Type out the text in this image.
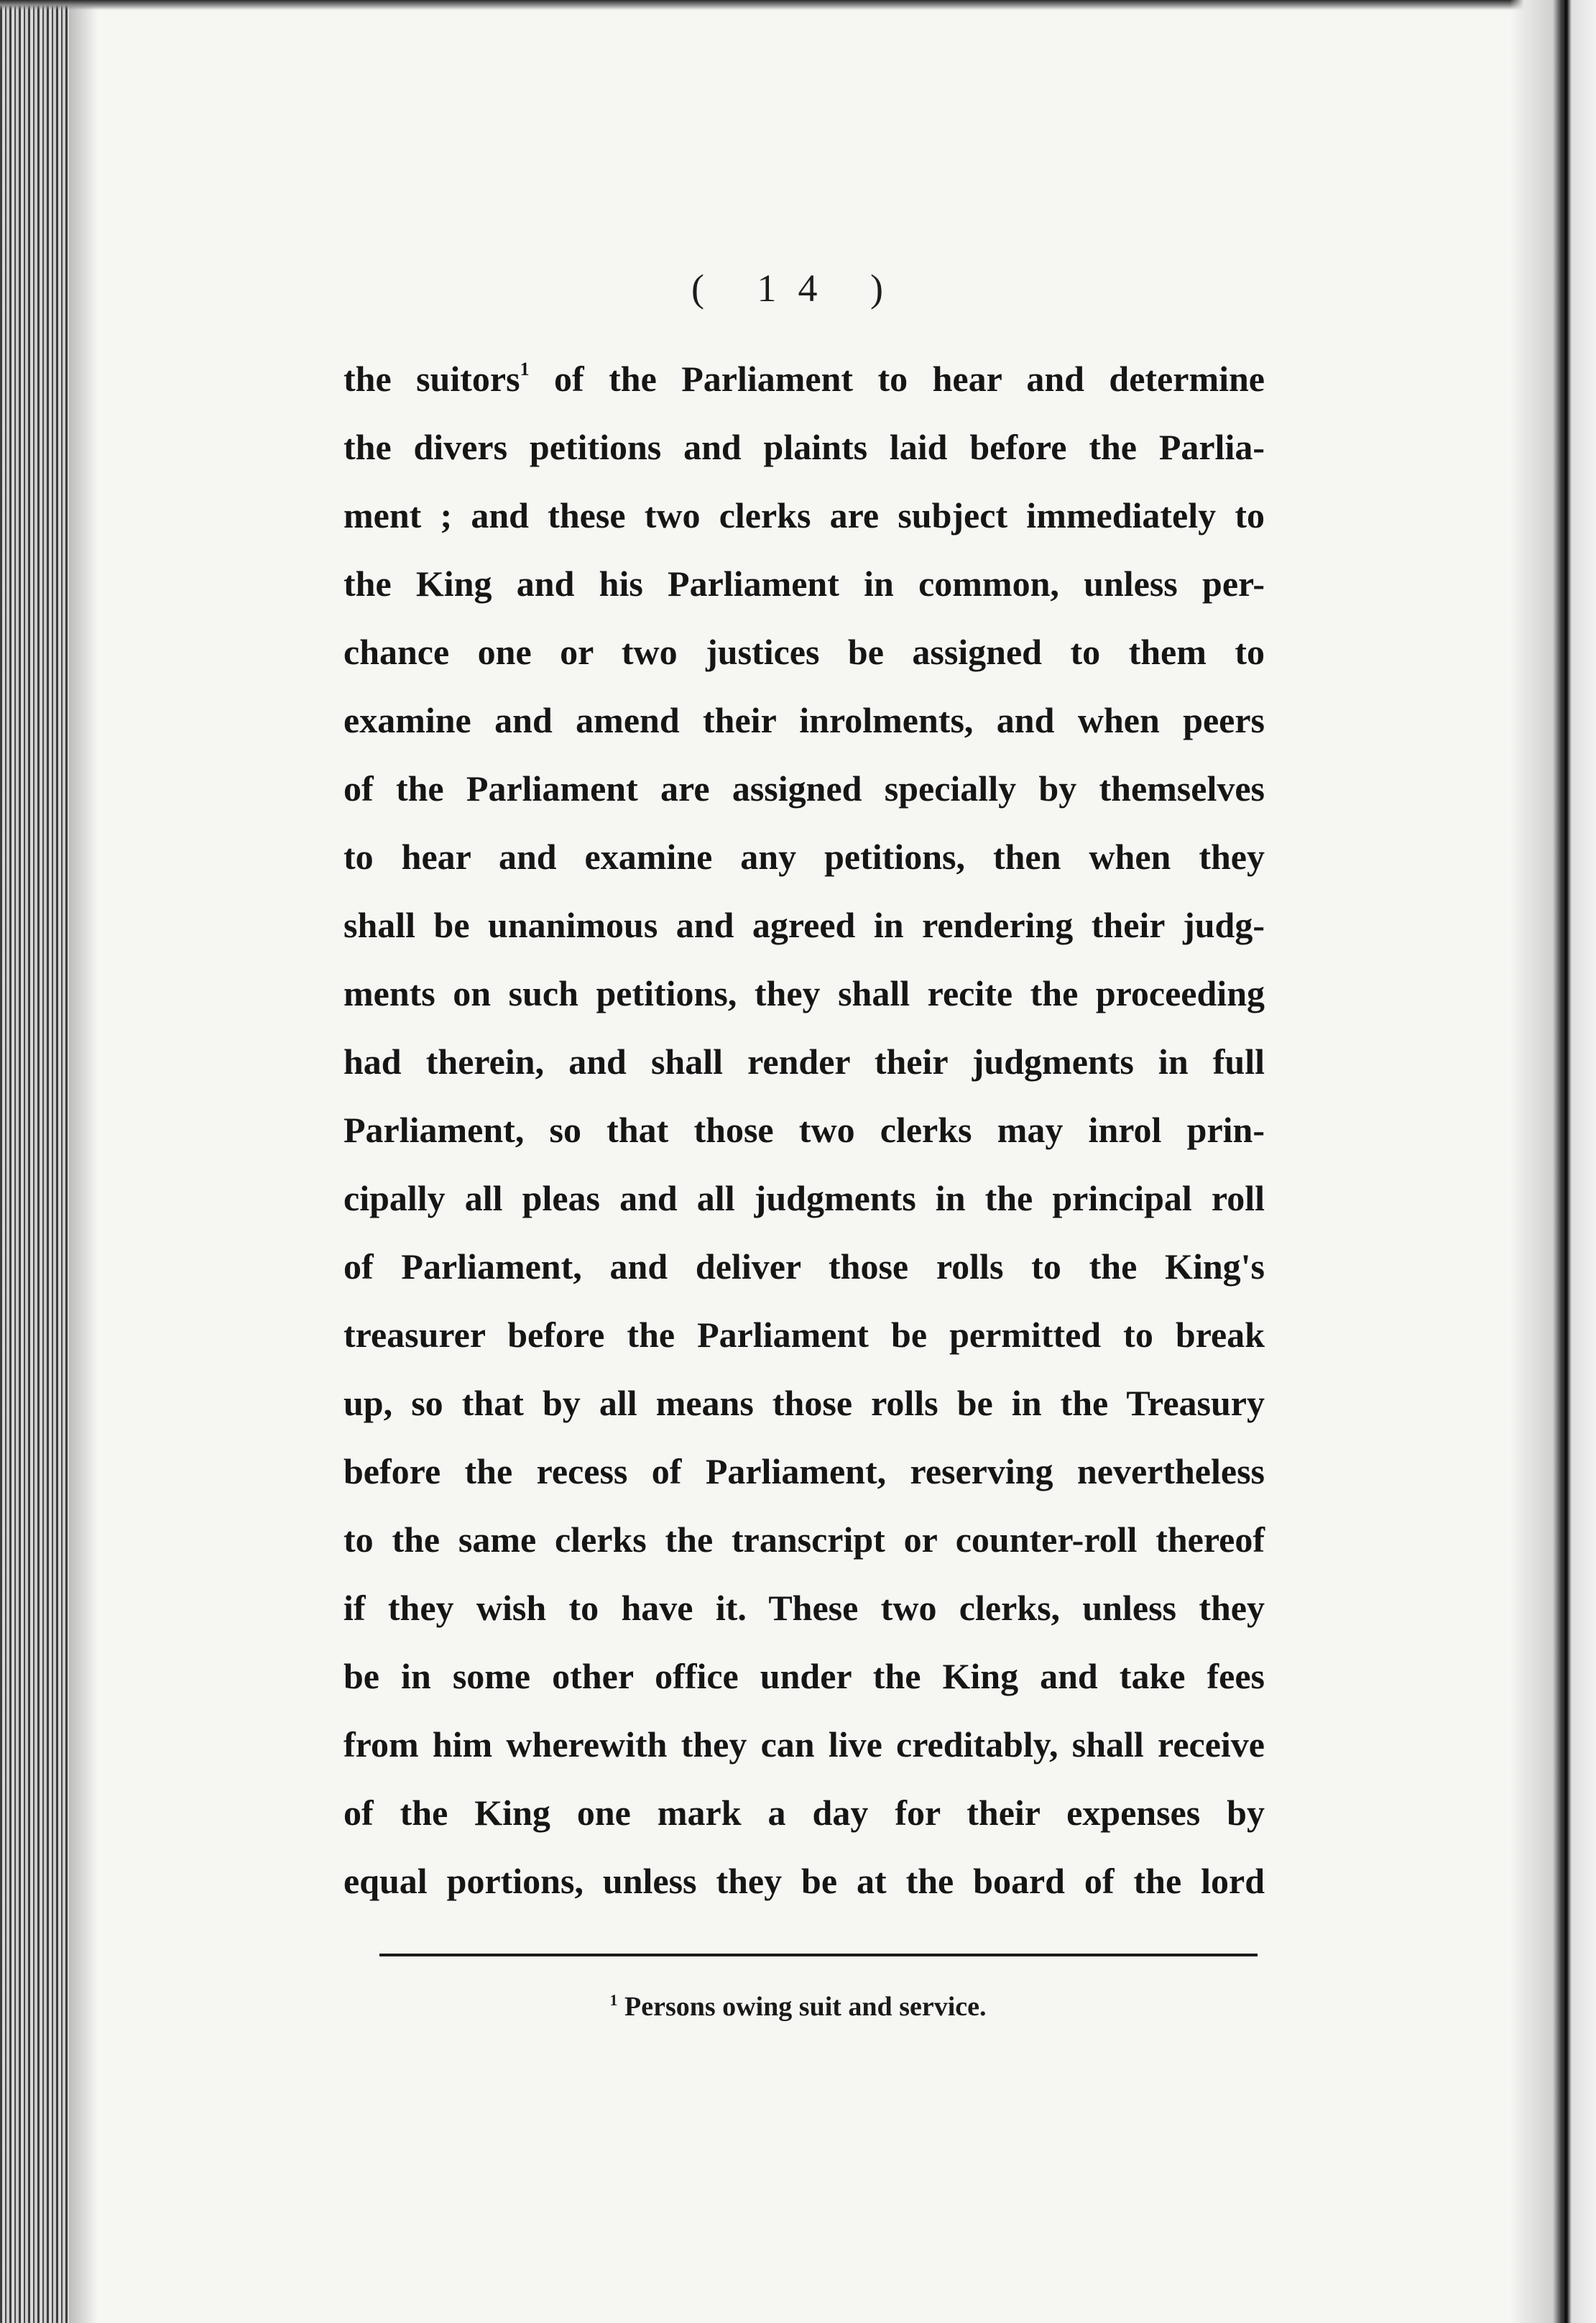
( 14 )
the suitors$^1$ of the Parliament to hear and determine
the divers petitions and plaints laid before the Parlia-
ment ; and these two clerks are subject immediately to
the King and his Parliament in common, unless per-
chance one or two justices be assigned to them to
examine and amend their inrolments, and when peers
of the Parliament are assigned specially by themselves
to hear and examine any petitions, then when they
shall be unanimous and agreed in rendering their judg-
ments on such petitions, they shall recite the proceeding
had therein, and shall render their judgments in full
Parliament, so that those two clerks may inrol prin-
cipally all pleas and all judgments in the principal roll
of Parliament, and deliver those rolls to the King's
treasurer before the Parliament be permitted to break
up, so that by all means those rolls be in the Treasury
before the recess of Parliament, reserving nevertheless
to the same clerks the transcript or counter-roll thereof
if they wish to have it. These two clerks, unless they
be in some other office under the King and take fees
from him wherewith they can live creditably, shall receive
of the King one mark a day for their expenses by
equal portions, unless they be at the board of the lord
$^1$ Persons owing suit and service.
